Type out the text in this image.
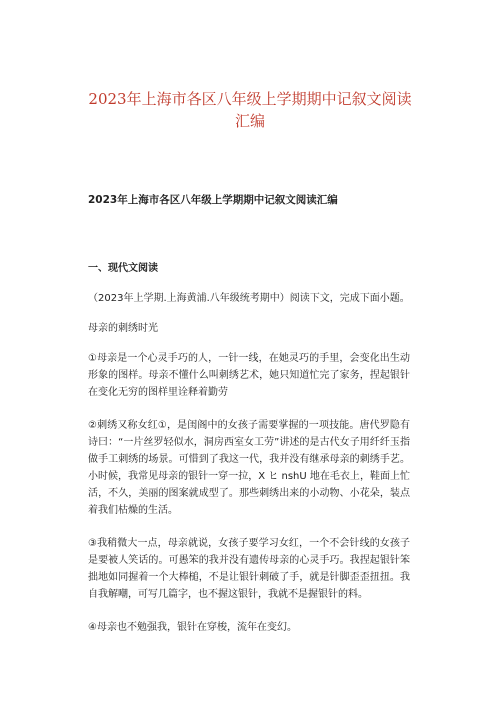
2023年上海市各区八年级上学期期中记叙文阅读
汇编

2023年上海市各区八年级上学期期中记叙文阅读汇编

一、现代文阅读

（2023年上学期.上海黄浦.八年级统考期中）阅读下文，完成下面小题。

母亲的刺绣时光

①母亲是一个心灵手巧的人，一针一线，在她灵巧的手里，会变化出生动形象的图样。母亲不懂什么叫刺绣艺术，她只知道忙完了家务，捏起银针在变化无穷的图样里诠释着勤劳

②刺绣又称女红①，是闺阁中的女孩子需要掌握的一项技能。唐代罗隐有诗曰：“一片丝罗轻似水，洞房西室女工劳”讲述的是古代女子用纤纤玉指做手工刺绣的场景。可惜到了我这一代，我并没有继承母亲的刺绣手艺。小时候，我常见母亲的银针一穿一拉，X ヒ nshU 地在毛衣上，鞋面上忙活，不久，美丽的图案就成型了。那些刺绣出来的小动物、小花朵，装点着我们枯燥的生活。

③我稍微大一点，母亲就说，女孩子要学习女红，一个不会针线的女孩子是要被人笑话的。可愚笨的我并没有遗传母亲的心灵手巧。我捏起银针笨拙地如同握着一个大棒槌，不是让银针刺破了手，就是针脚歪歪扭扭。我自我解嘲，可写几篇字，也不握这银针，我就不是握银针的料。

④母亲也不勉强我，银针在穿梭，流年在变幻。
